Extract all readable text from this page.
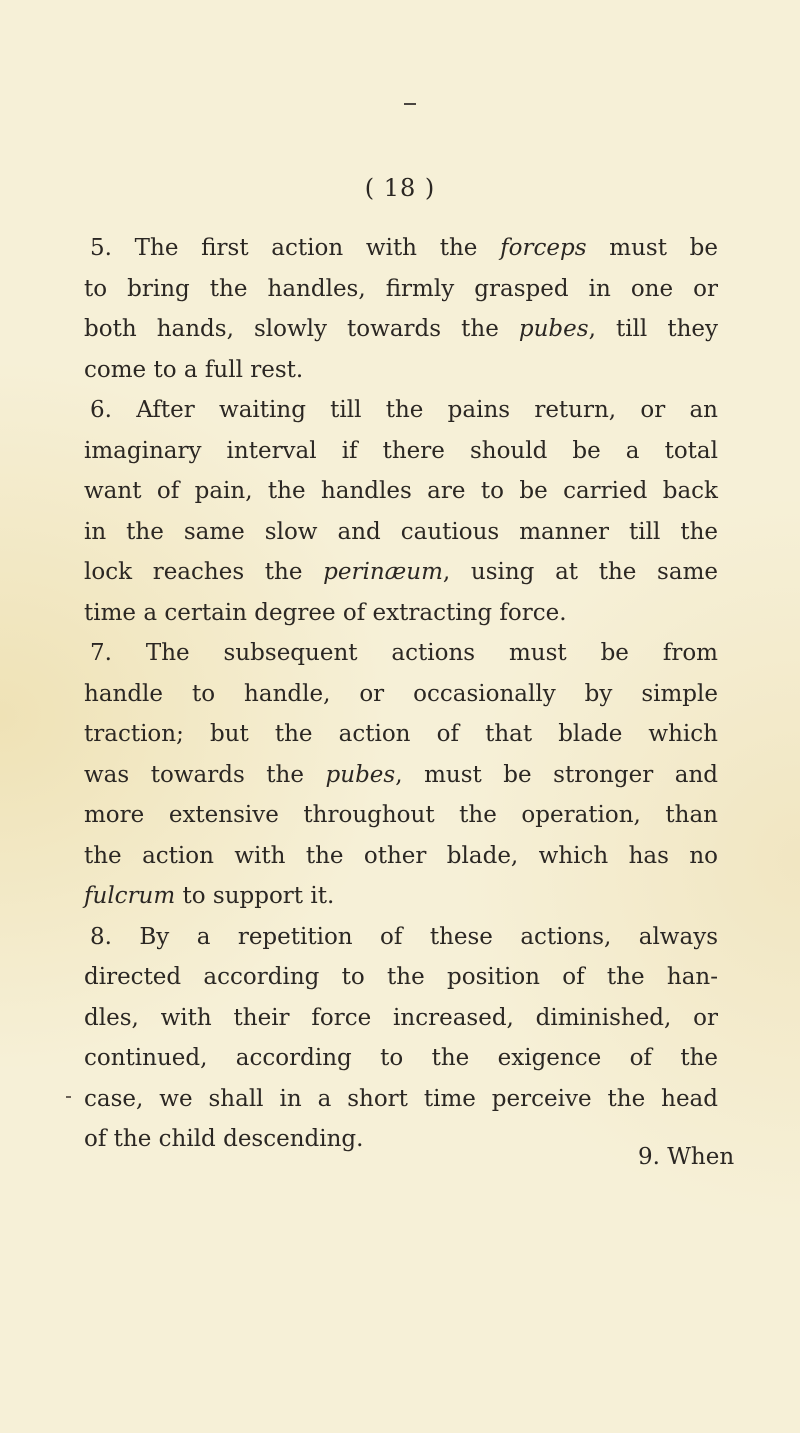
( 18 )
5. The first action with the forceps must be
to bring the handles, firmly grasped in one or
both hands, slowly towards the pubes, till they
come to a full rest.
6. After waiting till the pains return, or an
imaginary interval if there should be a total
want of pain, the handles are to be carried back
in the same slow and cautious manner till the
lock reaches the perinæum, using at the same
time a certain degree of extracting force.
7. The subsequent actions must be from
handle to handle, or occasionally by simple
traction; but the action of that blade which
was towards the pubes, must be stronger and
more extensive throughout the operation, than
the action with the other blade, which has no
fulcrum to support it.
8. By a repetition of these actions, always
directed according to the position of the han-
dles, with their force increased, diminished, or
continued, according to the exigence of the
case, we shall in a short time perceive the head
of the child descending.
9. When
